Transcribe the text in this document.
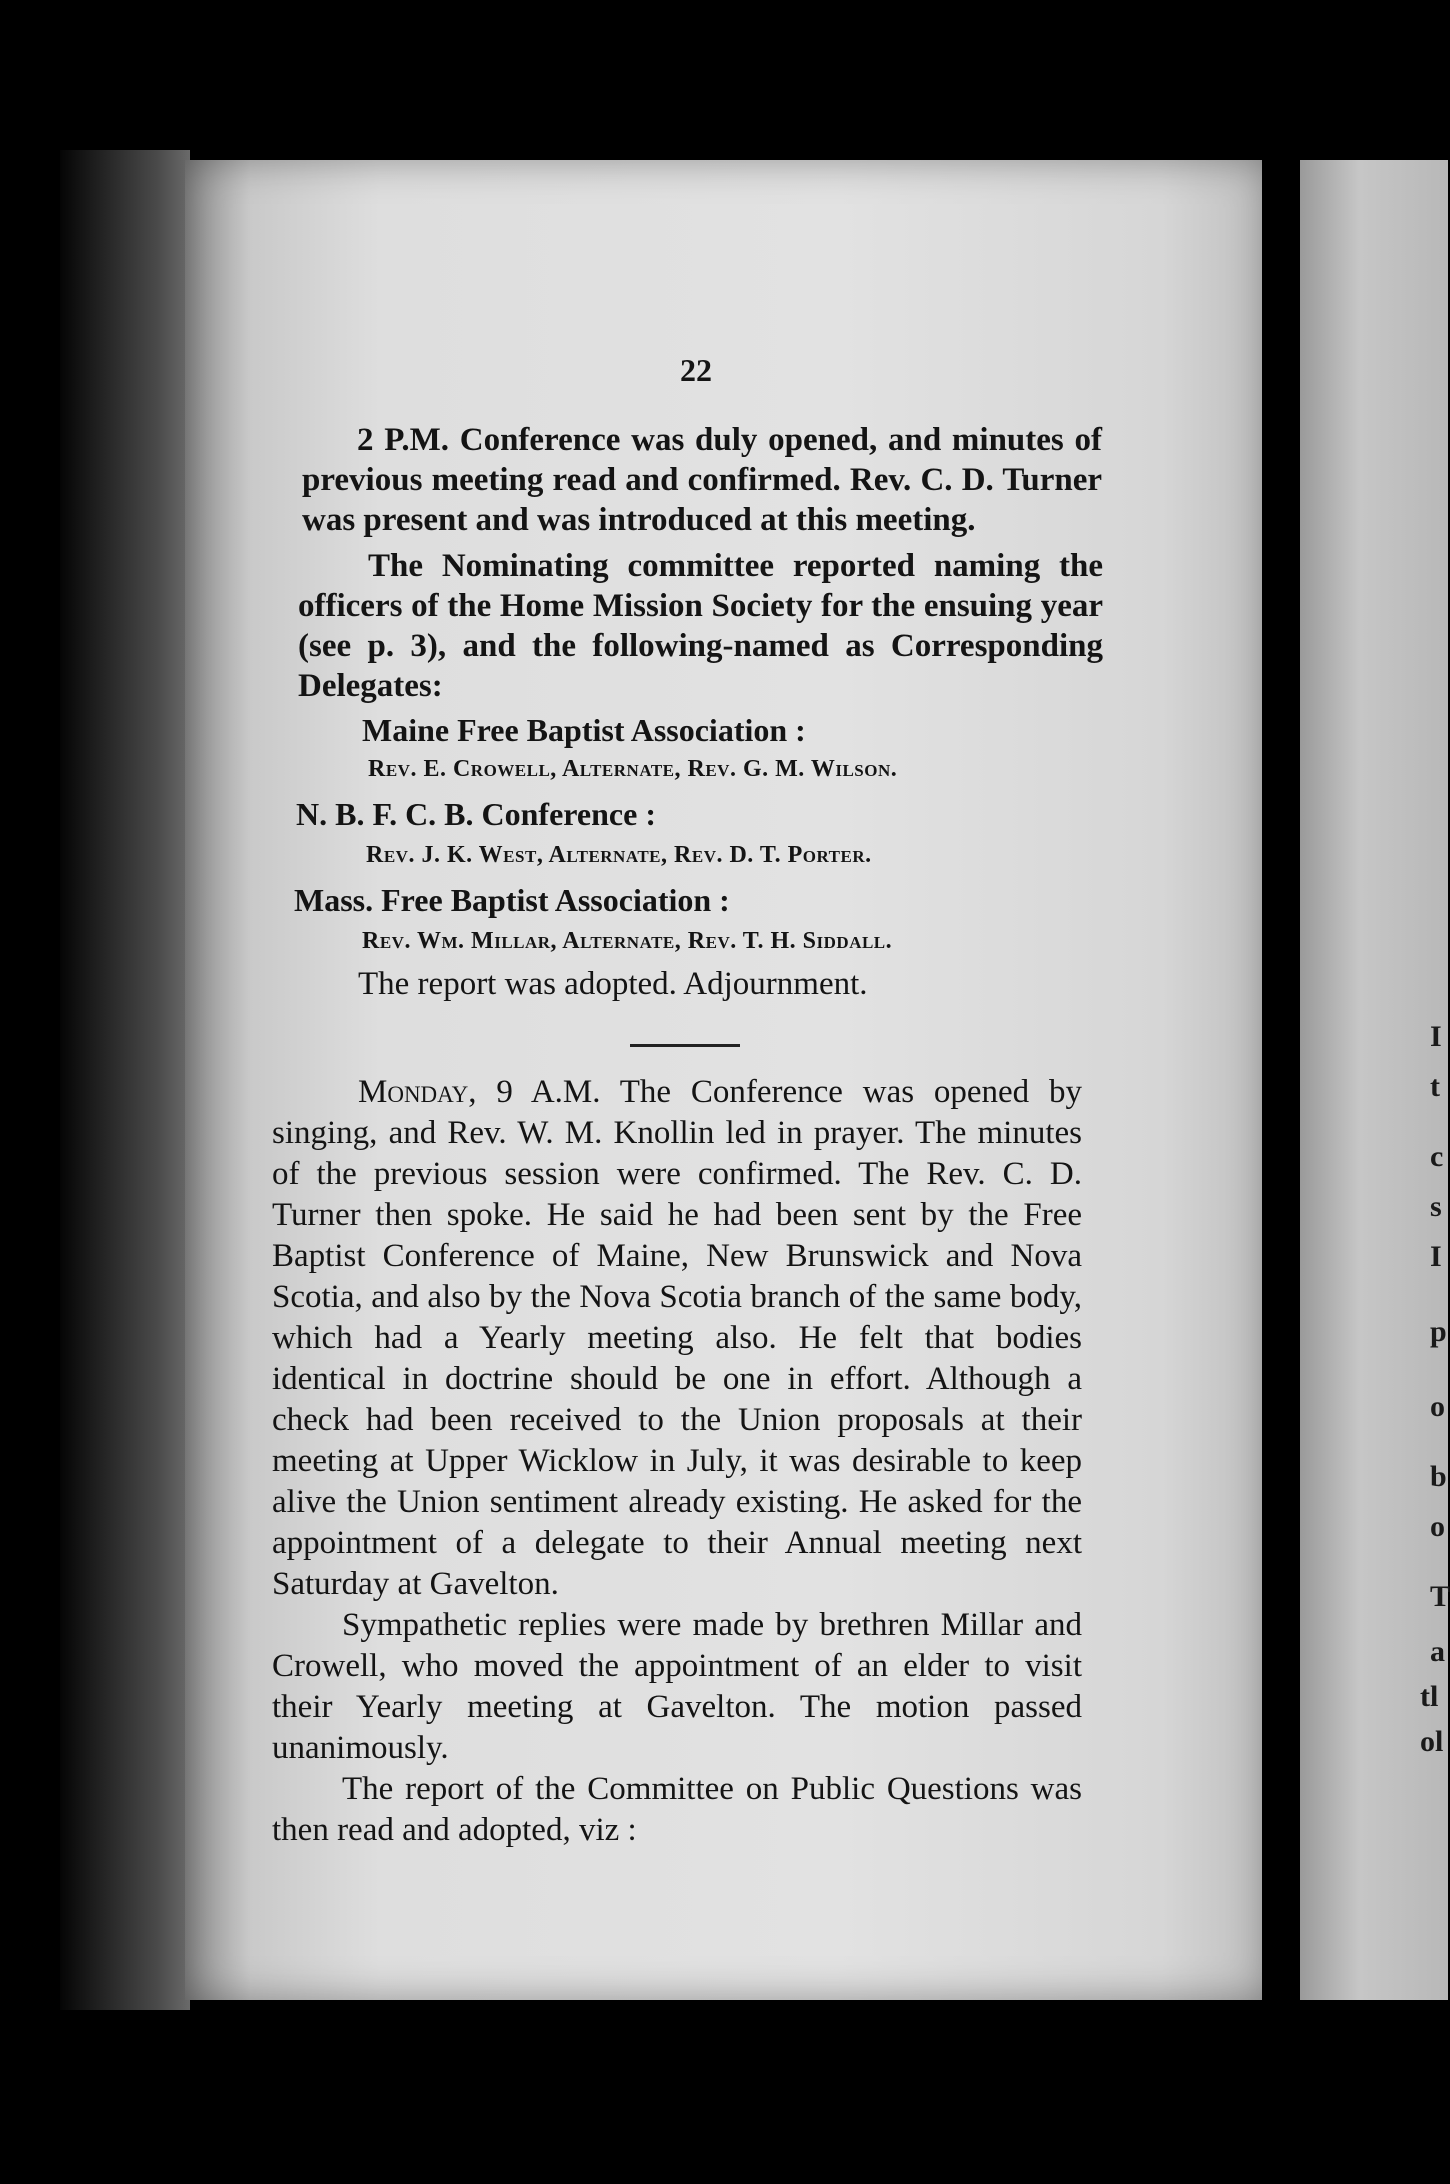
22

2 P.M. Conference was duly opened, and minutes of previous meeting read and confirmed. Rev. C. D. Turner was present and was introduced at this meeting.

The Nominating committee reported naming the officers of the Home Mission Society for the ensuing year (see p. 3), and the following-named as Corresponding Delegates:

Maine Free Baptist Association :
Rev. E. Crowell, Alternate, Rev. G. M. Wilson.
N. B. F. C. B. Conference :
Rev. J. K. West, Alternate, Rev. D. T. Porter.
Mass. Free Baptist Association :
Rev. Wm. Millar, Alternate, Rev. T. H. Siddall.
The report was adopted. Adjournment.

Monday, 9 A.M. The Conference was opened by singing, and Rev. W. M. Knollin led in prayer. The minutes of the previous session were confirmed. The Rev. C. D. Turner then spoke. He said he had been sent by the Free Baptist Conference of Maine, New Brunswick and Nova Scotia, and also by the Nova Scotia branch of the same body, which had a Yearly meeting also. He felt that bodies identical in doctrine should be one in effort. Although a check had been received to the Union proposals at their meeting at Upper Wicklow in July, it was desirable to keep alive the Union sentiment already existing. He asked for the appointment of a delegate to their Annual meeting next Saturday at Gavelton.

Sympathetic replies were made by brethren Millar and Crowell, who moved the appointment of an elder to visit their Yearly meeting at Gavelton. The motion passed unanimously.

The report of the Committee on Public Questions was then read and adopted, viz :

I
t
c
s
I
p
o
b
o
T
a
tl
ol
